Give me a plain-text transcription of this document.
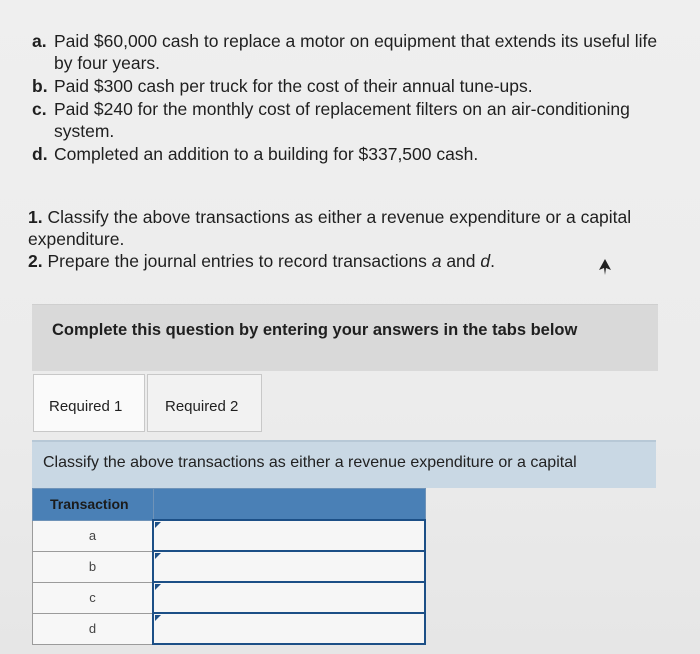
a. Paid $60,000 cash to replace a motor on equipment that extends its useful life by four years.
b. Paid $300 cash per truck for the cost of their annual tune-ups.
c. Paid $240 for the monthly cost of replacement filters on an air-conditioning system.
d. Completed an addition to a building for $337,500 cash.
1. Classify the above transactions as either a revenue expenditure or a capital expenditure.
2. Prepare the journal entries to record transactions a and d.
Complete this question by entering your answers in the tabs below
Required 1	Required 2
Classify the above transactions as either a revenue expenditure or a capital
Transaction	
a	

b	

c	

d	
